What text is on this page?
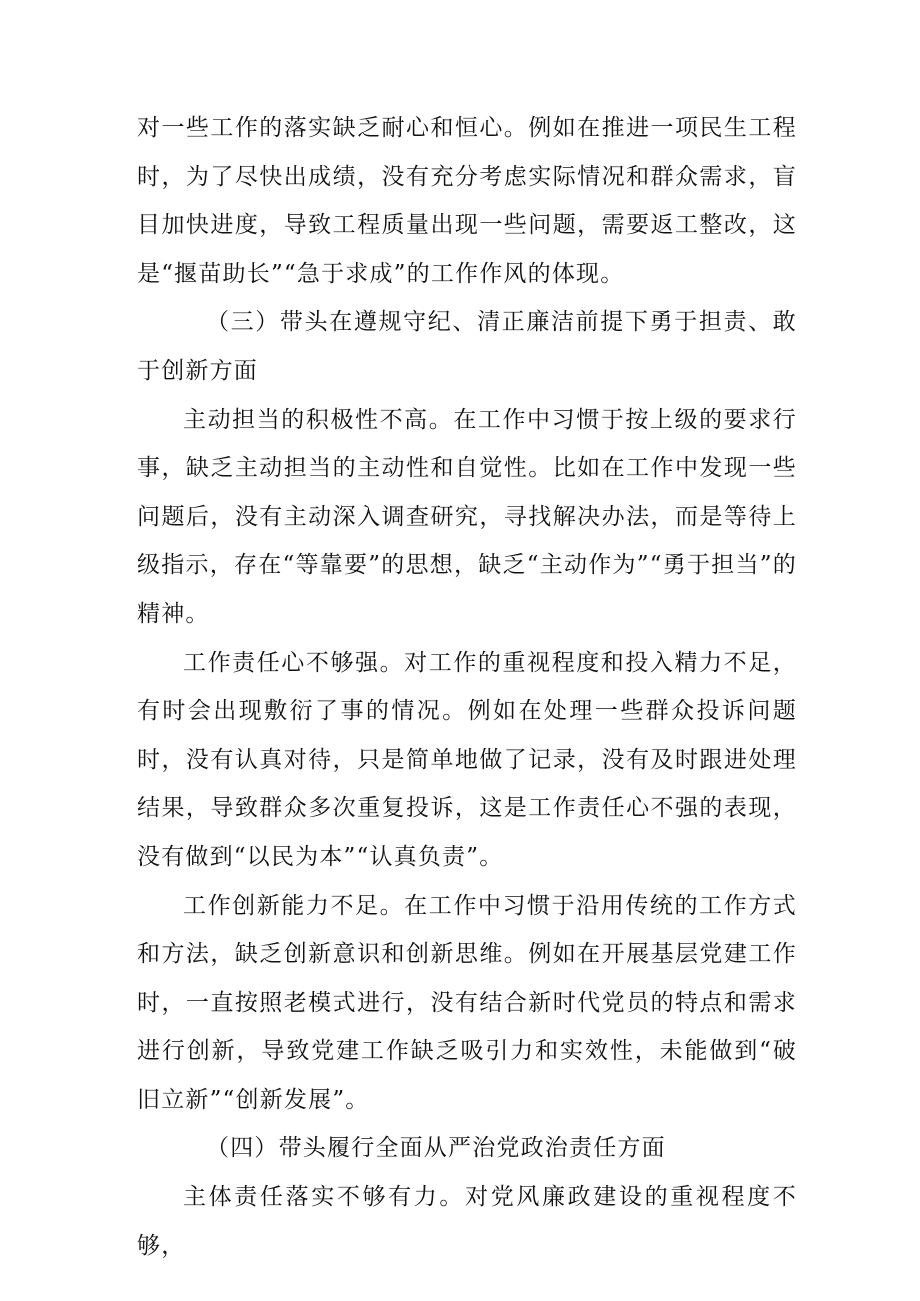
对一些工作的落实缺乏耐心和恒心。例如在推进一项民生工程时，为了尽快出成绩，没有充分考虑实际情况和群众需求，盲目加快进度，导致工程质量出现一些问题，需要返工整改，这是“揠苗助长”“急于求成”的工作作风的体现。

（三）带头在遵规守纪、清正廉洁前提下勇于担责、敢于创新方面

主动担当的积极性不高。在工作中习惯于按上级的要求行事，缺乏主动担当的主动性和自觉性。比如在工作中发现一些问题后，没有主动深入调查研究，寻找解决办法，而是等待上级指示，存在“等靠要”的思想，缺乏“主动作为”“勇于担当”的精神。

工作责任心不够强。对工作的重视程度和投入精力不足，有时会出现敷衍了事的情况。例如在处理一些群众投诉问题时，没有认真对待，只是简单地做了记录，没有及时跟进处理结果，导致群众多次重复投诉，这是工作责任心不强的表现，没有做到“以民为本”“认真负责”。

工作创新能力不足。在工作中习惯于沿用传统的工作方式和方法，缺乏创新意识和创新思维。例如在开展基层党建工作时，一直按照老模式进行，没有结合新时代党员的特点和需求进行创新，导致党建工作缺乏吸引力和实效性，未能做到“破旧立新”“创新发展”。

（四）带头履行全面从严治党政治责任方面

主体责任落实不够有力。对党风廉政建设的重视程度不够，
